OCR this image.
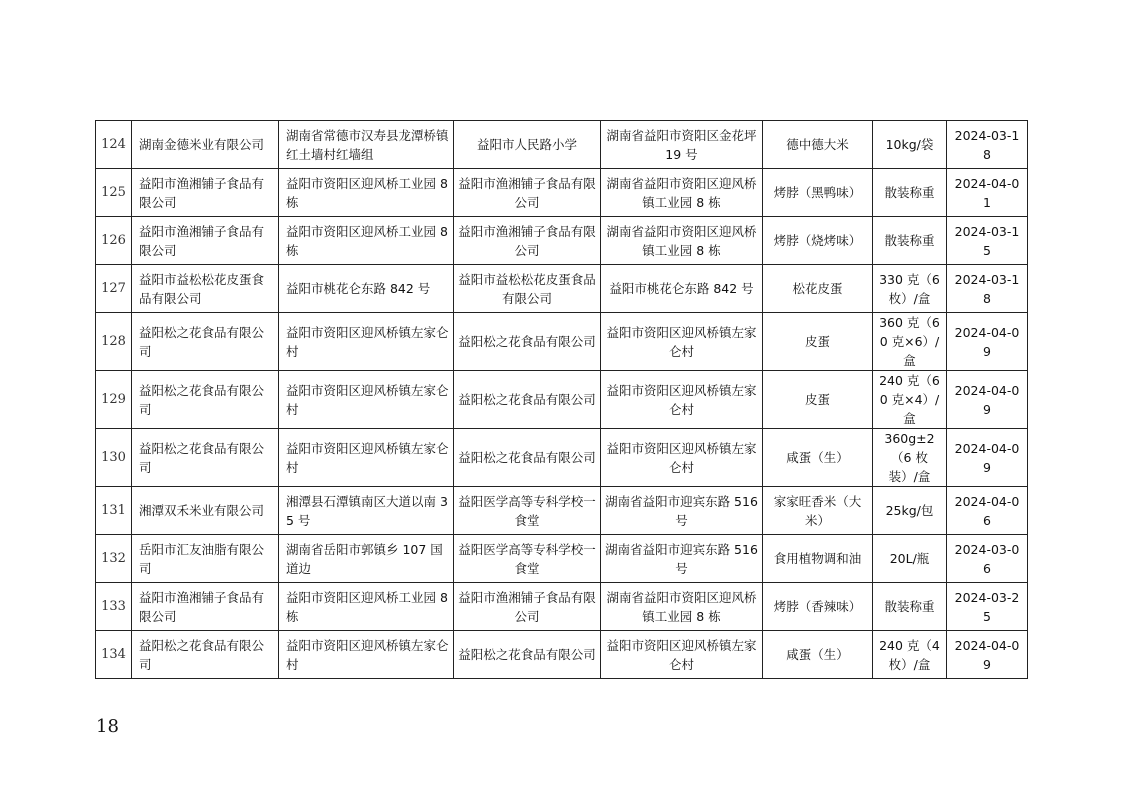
124	湖南金德米业有限公司	湖南省常德市汉寿县龙潭桥镇红土墙村红墙组	益阳市人民路小学	湖南省益阳市资阳区金花坪 19 号	德中德大米	10kg/袋	2024-03-18
125	益阳市渔湘铺子食品有限公司	益阳市资阳区迎风桥工业园 8 栋	益阳市渔湘铺子食品有限公司	湖南省益阳市资阳区迎风桥镇工业园 8 栋	烤脖（黑鸭味）	散装称重	2024-04-01
126	益阳市渔湘铺子食品有限公司	益阳市资阳区迎风桥工业园 8 栋	益阳市渔湘铺子食品有限公司	湖南省益阳市资阳区迎风桥镇工业园 8 栋	烤脖（烧烤味）	散装称重	2024-03-15
127	益阳市益松松花皮蛋食品有限公司	益阳市桃花仑东路 842 号	益阳市益松松花皮蛋食品有限公司	益阳市桃花仑东路 842 号	松花皮蛋	330 克（6 枚）/盒	2024-03-18
128	益阳松之花食品有限公司	益阳市资阳区迎风桥镇左家仑村	益阳松之花食品有限公司	益阳市资阳区迎风桥镇左家仑村	皮蛋	360 克（60 克×6）/盒	2024-04-09
129	益阳松之花食品有限公司	益阳市资阳区迎风桥镇左家仑村	益阳松之花食品有限公司	益阳市资阳区迎风桥镇左家仑村	皮蛋	240 克（60 克×4）/盒	2024-04-09
130	益阳松之花食品有限公司	益阳市资阳区迎风桥镇左家仑村	益阳松之花食品有限公司	益阳市资阳区迎风桥镇左家仑村	咸蛋（生）	360g±2（6 枚装）/盒	2024-04-09
131	湘潭双禾米业有限公司	湘潭县石潭镇南区大道以南 35 号	益阳医学高等专科学校一食堂	湖南省益阳市迎宾东路 516 号	家家旺香米（大米）	25kg/包	2024-04-06
132	岳阳市汇友油脂有限公司	湖南省岳阳市郭镇乡 107 国道边	益阳医学高等专科学校一食堂	湖南省益阳市迎宾东路 516 号	食用植物调和油	20L/瓶	2024-03-06
133	益阳市渔湘铺子食品有限公司	益阳市资阳区迎风桥工业园 8 栋	益阳市渔湘铺子食品有限公司	湖南省益阳市资阳区迎风桥镇工业园 8 栋	烤脖（香辣味）	散装称重	2024-03-25
134	益阳松之花食品有限公司	益阳市资阳区迎风桥镇左家仑村	益阳松之花食品有限公司	益阳市资阳区迎风桥镇左家仑村	咸蛋（生）	240 克（4 枚）/盒	2024-04-09
18
